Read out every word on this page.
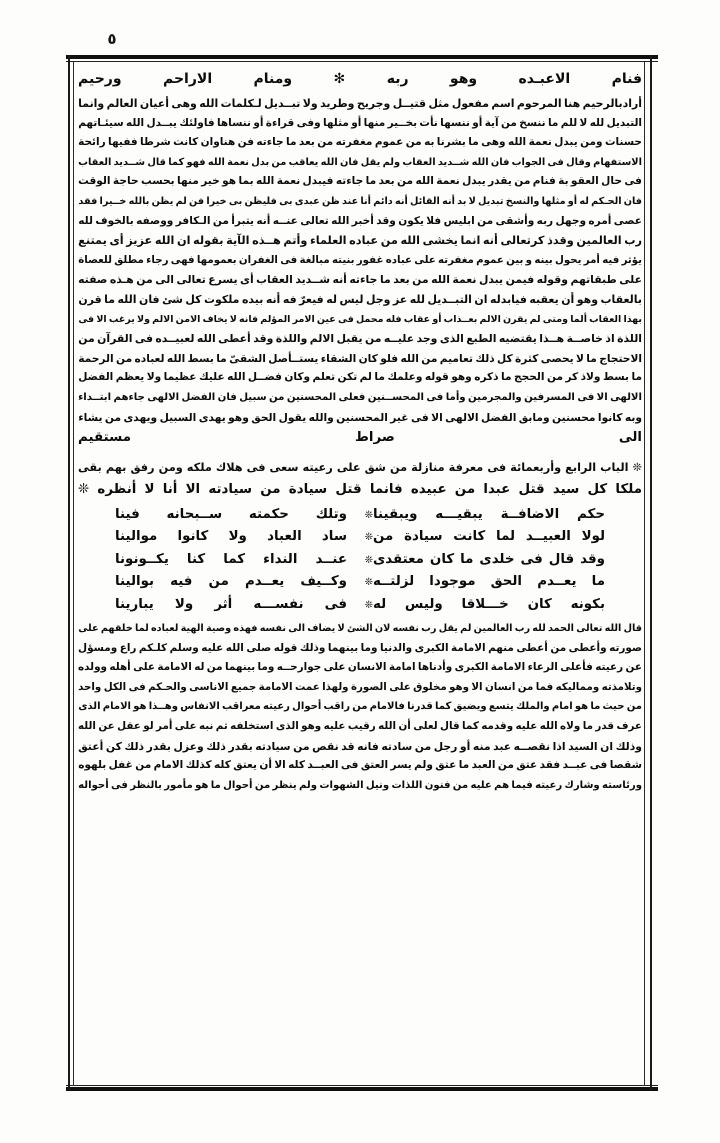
٥
فنام الاعبـده وهو ربه ✻ ومنام الاراحم ورحيم
أرادبالرحيم
هنا
المرحوم
اسم
مفعول
مثل
قتيــل
وجريح
وطريد
ولا
تبــديل
لـكلمات
الله
وهى
أعيان
العالم
وانما
التبديل
لله
لا
للم
ما
ننسخ
من
آية
أو
ننسها
نأت
بخــير
منها
أو
مثلها
وفى
قراءة
أو
ننساها
فاولئك
يبــدل
الله
سيئـاتهم
حسنات
ومن
يبدل
نعمة
الله
وهى
ما
بشرنا
به
من
عموم
مغفرته
من
بعد
ما
جاءته
فن
هناوان
كانت
شرطا
ففيها
رائحة
الاستفهام
وقال
فى
الجواب
فان
الله
شــديد
العقاب
ولم
يقل
فان
الله
يعاقب
من
بدل
نعمة
الله
فهو
كما
قال
شــديد
العقاب
فى
حال
العقو
بة
فنام
من
يقدر
يبدل
نعمة
الله
من
بعد
ما
جاءته
فيبدل
نعمة
الله
بما
هو
خير
منها
بحسب
حاجة
الوقت
فان
الحـكم
له
أو
مثلها
والنسخ
تبديل
لا
بد
أنه
القائل
أنه
دائم
أنا
عند
ظن
عبدى
بى
فليظن
بى
خيرا
فن
لم
يظن
بالله
خــيرا
فقد
عصى
أمره
وجهل
ربه
وأشقى
من
ابليس
فلا
يكون
وقد
أخبر
الله
تعالى
عنــه
أنه
يتبرأ
من
الـكافر
ووصفه
بالخوف
لله
رب
العالمين
وقدذ
كرتعالى
أنه
انما
يخشى
الله
من
عباده
العلماء
وأتم
هــذه
الآية
بقوله
ان
الله
عزيز
أى
يمتنع
يؤثر
فيه
أمر
يحول
بينه
و
بين
عموم
مغفرته
على
عباده
غفور
بنيته
مبالغة
فى
الغفران
بعمومها
فهى
رجاء
مطلق
للعصاة
على
طبقاتهم
وقوله
فيمن
يبدل
نعمة
الله
من
بعد
ما
جاءته
أنه
شــديد
العقاب
أى
يسرع
تعالى
الى
من
هـذه
صفته
بالعقاب
وهو
أن
يعقبه
فيابدله
ان
التبــديل
لله
عز
وجل
ليس
له
فيعرّ
فه
أنه
بيده
ملكوت
كل
شئ
فان
الله
ما
قرن
بهذا
العقاب
ألما
ومتى
لم
يقرن
الالم
بعــذاب
أو
عقاب
فله
محمل
فى
عين
الامر
المؤلم
فانه
لا
يخاف
الامن
الالم
ولا
يرغب
الا
فى
اللذة
اذ
خاصــة
هــذا
يقتضيه
الطبع
الذى
وجد
عليــه
من
يقبل
الالم
واللذة
وقد
أعطى
الله
لعبيــده
فى
القرآن
من
الاحتجاج
ما
لا
يحصى
كثرة
كل
ذلك
تعاميم
من
الله
فلو
كان
الشقاء
يستــأصل
الشقىّ
ما
بسط
الله
لعباده
من
الرحمة
ما
بسط
ولاذ
كر
من
الحجج
ما
ذكره
وهو
قوله
وعلمك
ما
لم
تكن
تعلم
وكان
فضــل
الله
عليك
عظيما
ولا
يعظم
الفضل
الالهى
الا
فى
المسرفين
والمجرمين
وأما
فى
المحســنين
فعلى
المحسنين
من
سبيل
فان
الفضل
الالهى
جاءهم
ابتــداء
وبه
كانوا
محسنين
ومابق
الفضل
الالهى
الا
فى
غير
المحسنين
والله
يقول
الحق
وهو
يهدى
السبيل
ويهدى
من
يشاء
الى صراط مستقيم
❊ الباب الرابع وأربعمائة فى معرفة منازلة من شق على رعيته سعى فى هلاك ملكه ومن رفق بهم بقى
ملكا كل سيد قتل عبدا من عبيده فانما قتل سيادة من سيادته الا أنا لا أنظره ❊
حكم الاضافــة يبقيـــه ويبقينا
❊
وتلك حكمته ســبحانه فينا
لولا العبيــد لما كانت سيادة من
❊
ساد العباد ولا كانوا موالينا
وقد قال فى خلدى ما كان معتقدى
❊
عنــد النداء كما كنا يكــونونا
ما يعــدم الحق موجودا لزلتــه
❊
وكــيف يعــدم من فيه بوالينا
بكونه كان خـــلاقا وليس له
❊
فى نفســـه أثر ولا يبارينا
قال
الله
تعالى
الحمد
لله
رب
العالمين
لم
يقل
رب
نفسه
لان
الشئ
لا
يضاف
الى
نفسه
فهذه
وصية
الهية
لعباده
لما
خلقهم
على
صورته
وأعطى
من
أعطى
منهم
الامامة
الكبرى
والدنيا
وما
بينهما
وذلك
قوله
صلى
الله
عليه
وسلم
كلـكم
راع
ومسؤل
عن
رعيته
فأعلى
الرعاء
الامامة
الكبرى
وأدناها
امامة
الانسان
على
جوارحــه
وما
بينهما
من
له
الامامة
على
أهله
وولده
وتلامذته
ومماليكه
فما
من
انسان
الا
وهو
مخلوق
على
الصورة
ولهذا
عمت
الامامة
جميع
الاناسى
والحـكم
فى
الكل
واحد
من
حيث
ما
هو
امام
والملك
يتسع
ويضيق
كما
قدرنا
فالامام
من
راقب
أحوال
رعيته
معراقب
الانفاس
وهــذا
هو
الامام
الذى
عرف
قدر
ما
ولاه
الله
عليه
وقدمه
كما
قال
لعلى
أن
الله
رقيب
عليه
وهو
الذى
استخلفه
ثم
نبه
على
أمر
لو
عقل
عن
الله
وذلك
ان
السيد
اذا
نقصــه
عبد
منه
أو
رجل
من
سادته
فانه
قد
نقص
من
سيادته
بقدر
ذلك
وعزل
بقدر
ذلك
كن
أعتق
شقصا
فى
عبــد
فقد
عتق
من
العبد
ما
عتق
ولم
يسر
العتق
فى
العبــد
كله
الا
أن
يعتق
كله
كذلك
الامام
من
غفل
بلهوه
ورئاسته
وشارك
رعيته
فيما
هم
عليه
من
فنون
اللذات
ونيل
الشهوات
ولم
ينظر
من
أحوال
ما
هو
مأمور
بالنظر
فى
أحواله
